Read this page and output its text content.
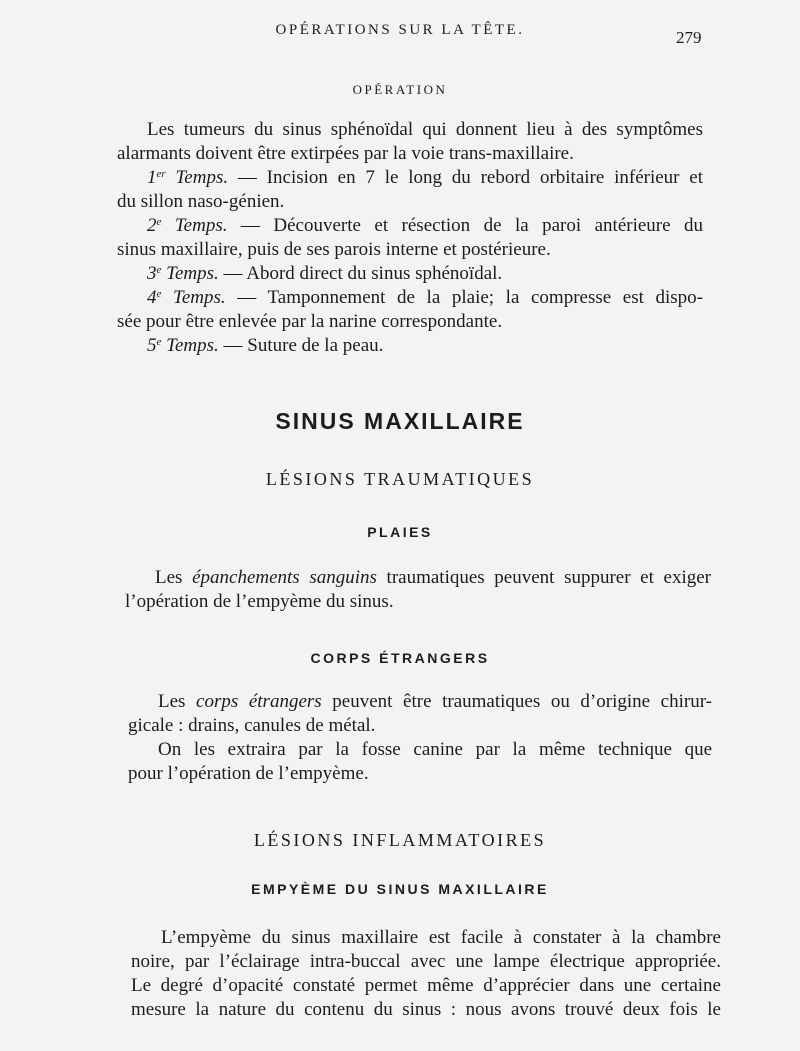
OPÉRATIONS SUR LA TÊTE.	279
OPÉRATION
Les tumeurs du sinus sphénoïdal qui donnent lieu à des symptômes
alarmants doivent être extirpées par la voie trans-maxillaire.
1er Temps. — Incision en 7 le long du rebord orbitaire inférieur et
du sillon naso-génien.
2e Temps. — Découverte et résection de la paroi antérieure du
sinus maxillaire, puis de ses parois interne et postérieure.
3e Temps. — Abord direct du sinus sphénoïdal.
4e Temps. — Tamponnement de la plaie; la compresse est dispo-
sée pour être enlevée par la narine correspondante.
5e Temps. — Suture de la peau.
SINUS MAXILLAIRE
LÉSIONS TRAUMATIQUES
PLAIES
Les épanchements sanguins traumatiques peuvent suppurer et exiger
l’opération de l’empyème du sinus.
CORPS ÉTRANGERS
Les corps étrangers peuvent être traumatiques ou d’origine chirur-
gicale : drains, canules de métal.
On les extraira par la fosse canine par la même technique que
pour l’opération de l’empyème.
LÉSIONS INFLAMMATOIRES
EMPYÈME DU SINUS MAXILLAIRE
L’empyème du sinus maxillaire est facile à constater à la chambre
noire, par l’éclairage intra-buccal avec une lampe électrique appropriée.
Le degré d’opacité constaté permet même d’apprécier dans une certaine
mesure la nature du contenu du sinus : nous avons trouvé deux fois le
